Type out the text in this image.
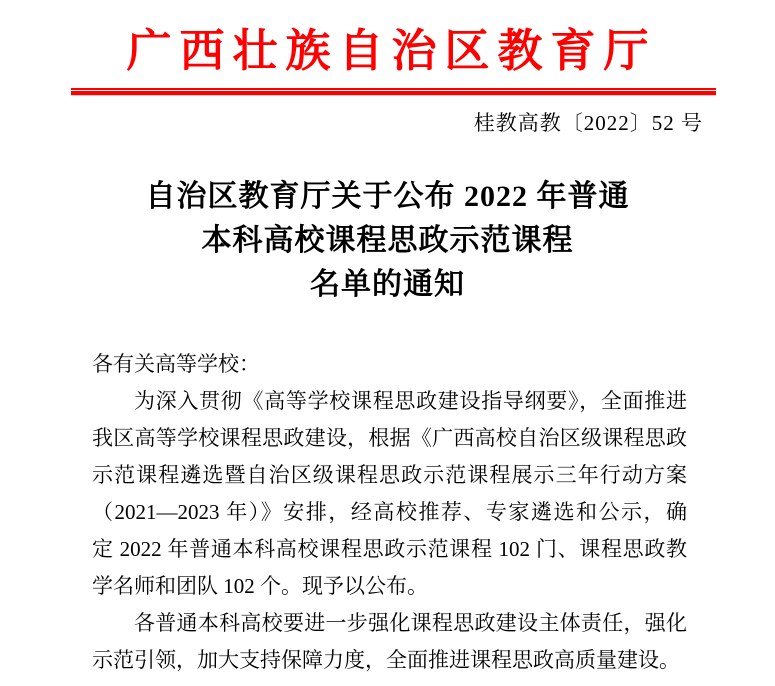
广西壮族自治区教育厅
桂教高教〔2022〕52 号
自治区教育厅关于公布 2022 年普通
本科高校课程思政示范课程
名单的通知
各有关高等学校：
为深入贯彻《高等学校课程思政建设指导纲要》，全面推进
我区高等学校课程思政建设，根据《广西高校自治区级课程思政
示范课程遴选暨自治区级课程思政示范课程展示三年行动方案
（2021—2023 年）》安排，经高校推荐、专家遴选和公示，确
定 2022 年普通本科高校课程思政示范课程 102 门、课程思政教
学名师和团队 102 个。现予以公布。
各普通本科高校要进一步强化课程思政建设主体责任，强化
示范引领，加大支持保障力度，全面推进课程思政高质量建设。
